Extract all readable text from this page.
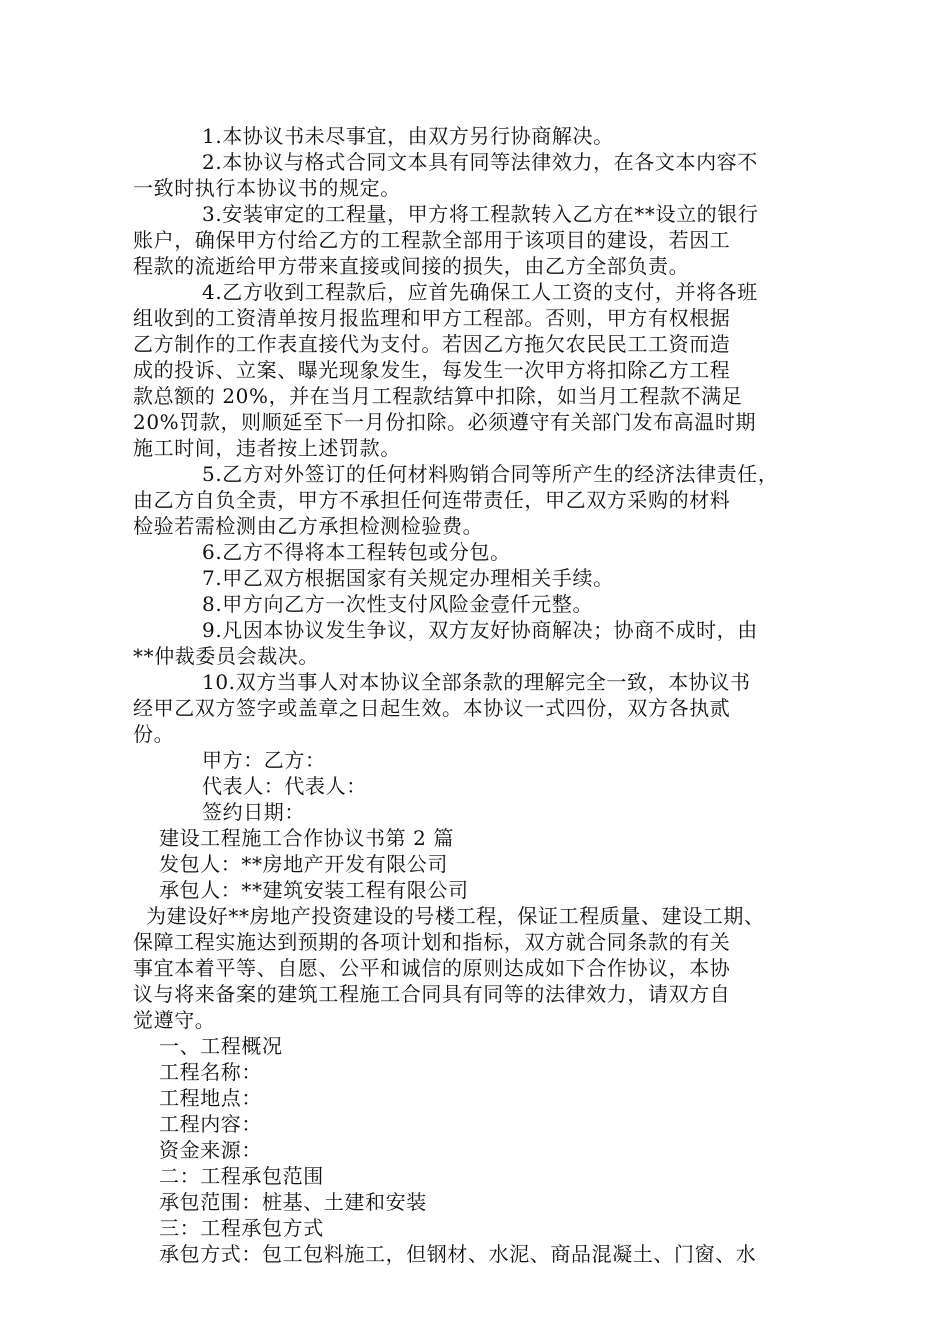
1.本协议书未尽事宜，由双方另行协商解决。
2.本协议与格式合同文本具有同等法律效力，在各文本内容不
一致时执行本协议书的规定。
3.安装审定的工程量，甲方将工程款转入乙方在**设立的银行
账户，确保甲方付给乙方的工程款全部用于该项目的建设，若因工
程款的流逝给甲方带来直接或间接的损失，由乙方全部负责。
4.乙方收到工程款后，应首先确保工人工资的支付，并将各班
组收到的工资清单按月报监理和甲方工程部。否则，甲方有权根据
乙方制作的工作表直接代为支付。若因乙方拖欠农民民工工资而造
成的投诉、立案、曝光现象发生，每发生一次甲方将扣除乙方工程
款总额的 20%，并在当月工程款结算中扣除，如当月工程款不满足
20%罚款，则顺延至下一月份扣除。必须遵守有关部门发布高温时期
施工时间，违者按上述罚款。
5.乙方对外签订的任何材料购销合同等所产生的经济法律责任，
由乙方自负全责，甲方不承担任何连带责任，甲乙双方采购的材料
检验若需检测由乙方承担检测检验费。
6.乙方不得将本工程转包或分包。
7.甲乙双方根据国家有关规定办理相关手续。
8.甲方向乙方一次性支付风险金壹仟元整。
9.凡因本协议发生争议，双方友好协商解决；协商不成时，由
**仲裁委员会裁决。
10.双方当事人对本协议全部条款的理解完全一致，本协议书
经甲乙双方签字或盖章之日起生效。本协议一式四份，双方各执贰
份。
甲方：乙方：
代表人：代表人：
签约日期：
建设工程施工合作协议书第 2 篇
发包人：**房地产开发有限公司
承包人：**建筑安装工程有限公司
为建设好**房地产投资建设的号楼工程，保证工程质量、建设工期、
保障工程实施达到预期的各项计划和指标，双方就合同条款的有关
事宜本着平等、自愿、公平和诚信的原则达成如下合作协议，本协
议与将来备案的建筑工程施工合同具有同等的法律效力，请双方自
觉遵守。
一、工程概况
工程名称：
工程地点：
工程内容：
资金来源：
二：工程承包范围
承包范围：桩基、土建和安装
三：工程承包方式
承包方式：包工包料施工，但钢材、水泥、商品混凝土、门窗、水
